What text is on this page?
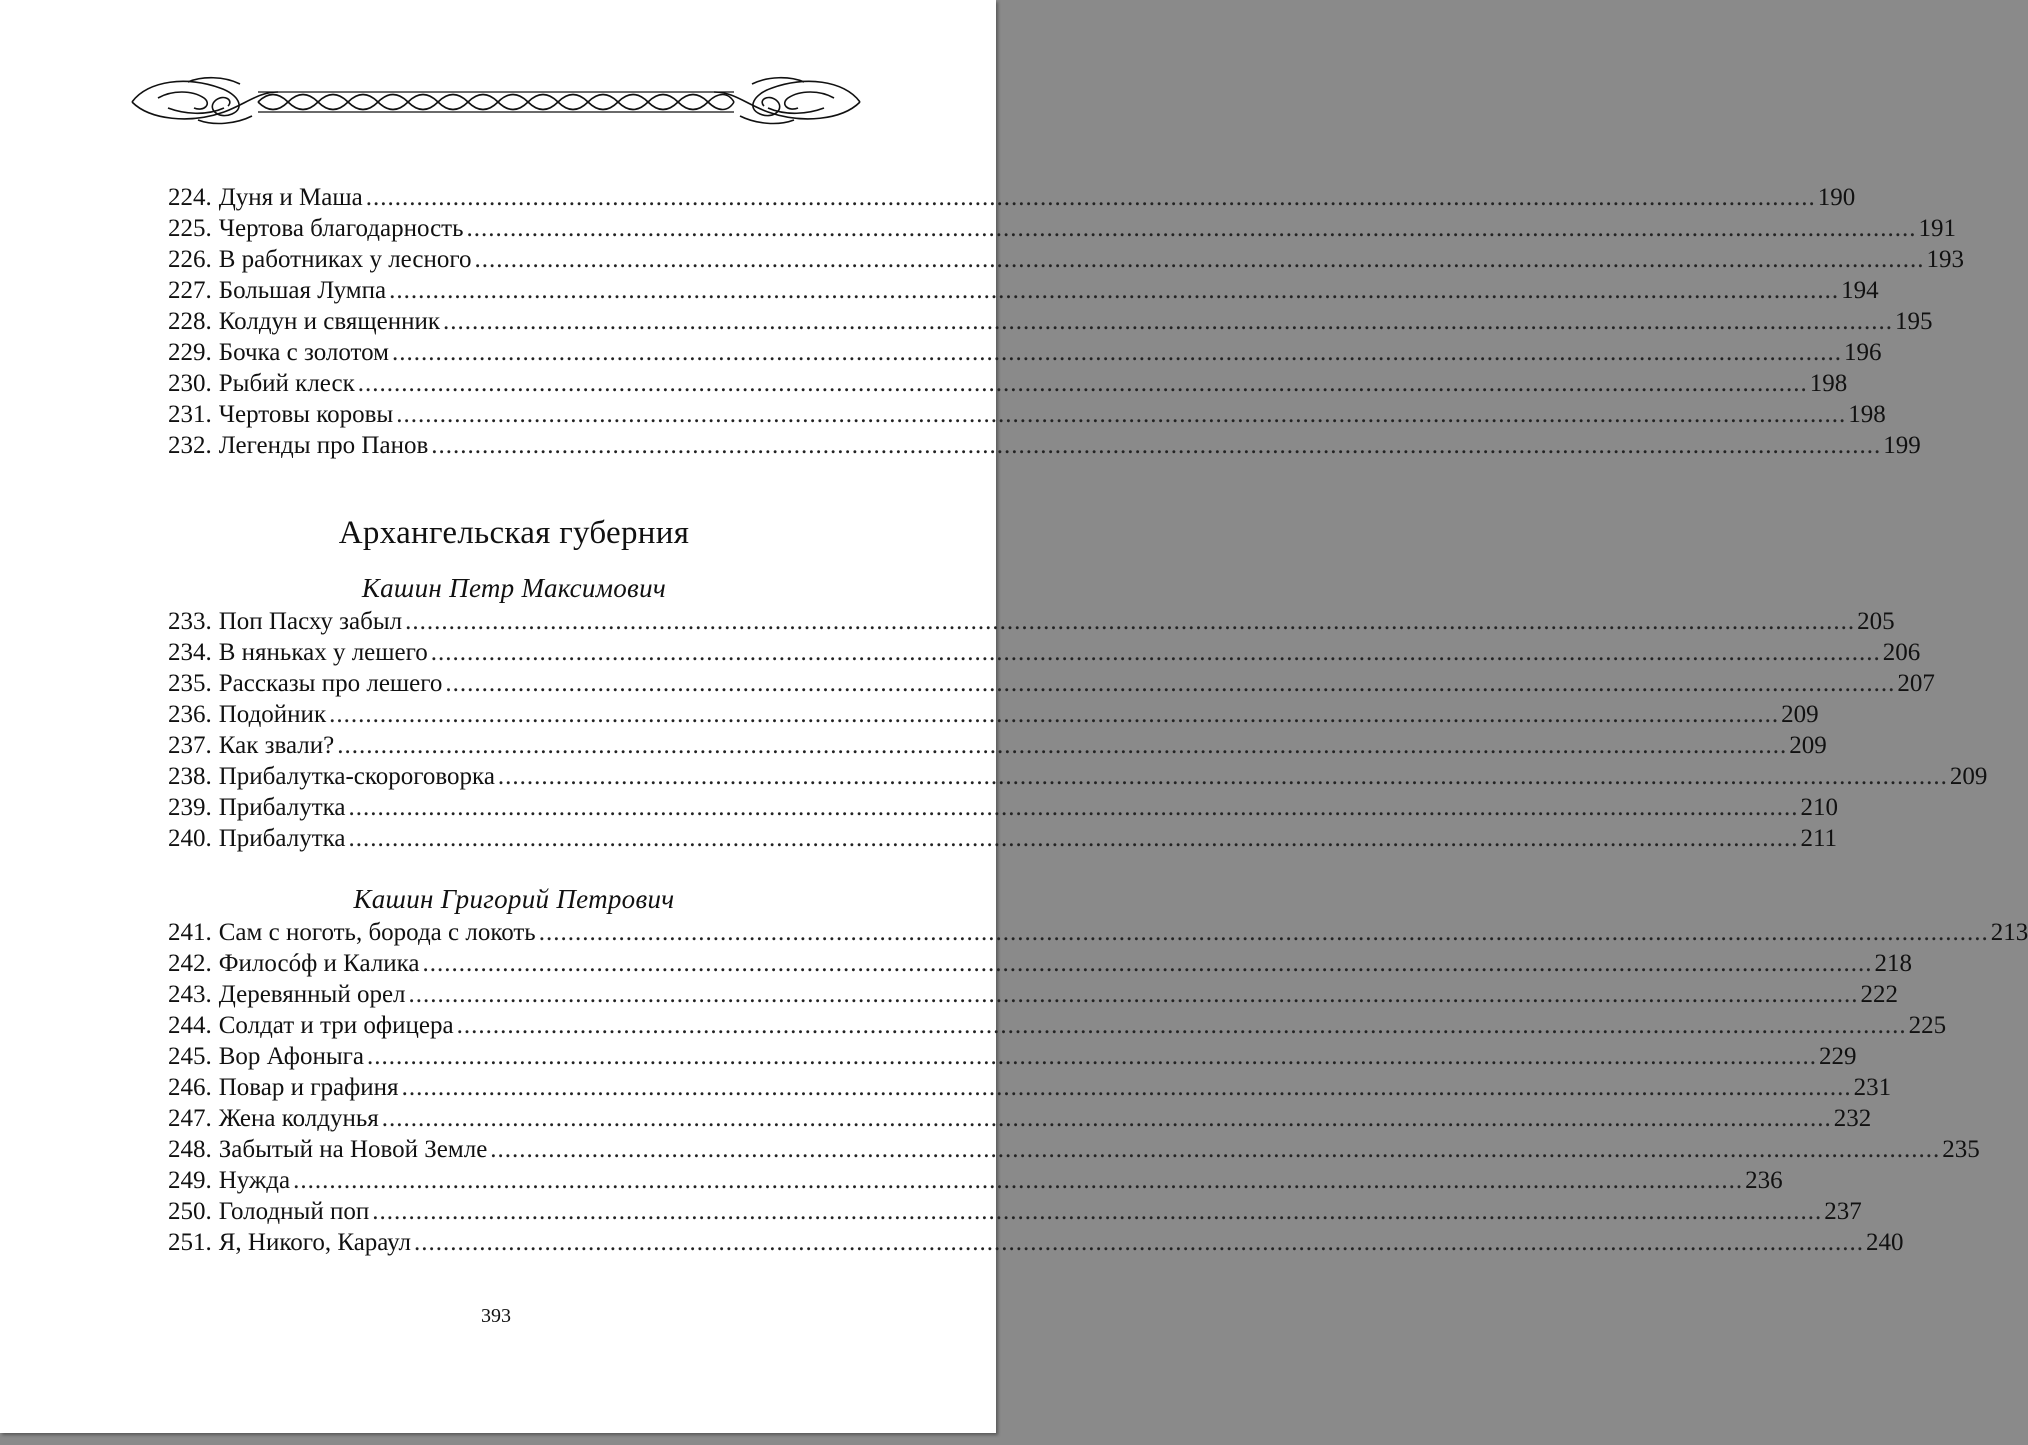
224. Дуня и Маша ........................................................................................................................................................................................................ 190
225. Чертова благодарность ........................................................................................................................................................................................................ 191
226. В работниках у лесного ........................................................................................................................................................................................................ 193
227. Большая Лумпа ........................................................................................................................................................................................................ 194
228. Колдун и священник ........................................................................................................................................................................................................ 195
229. Бочка с золотом ........................................................................................................................................................................................................ 196
230. Рыбий клеск ........................................................................................................................................................................................................ 198
231. Чертовы коровы ........................................................................................................................................................................................................ 198
232. Легенды про Панов ........................................................................................................................................................................................................ 199
Архангельская губерния
Кашин Петр Максимович
233. Поп Пасху забыл ........................................................................................................................................................................................................ 205
234. В няньках у лешего ........................................................................................................................................................................................................ 206
235. Рассказы про лешего ........................................................................................................................................................................................................ 207
236. Подойник ........................................................................................................................................................................................................ 209
237. Как звали? ........................................................................................................................................................................................................ 209
238. Прибалутка-скороговорка ........................................................................................................................................................................................................ 209
239. Прибалутка ........................................................................................................................................................................................................ 210
240. Прибалутка ........................................................................................................................................................................................................ 211
Кашин Григорий Петрович
241. Сам с ноготь, борода с локоть ........................................................................................................................................................................................................ 213
242. Филосóф и Калика ........................................................................................................................................................................................................ 218
243. Деревянный орел ........................................................................................................................................................................................................ 222
244. Солдат и три офицера ........................................................................................................................................................................................................ 225
245. Вор Афоныга ........................................................................................................................................................................................................ 229
246. Повар и графиня ........................................................................................................................................................................................................ 231
247. Жена колдунья ........................................................................................................................................................................................................ 232
248. Забытый на Новой Земле ........................................................................................................................................................................................................ 235
249. Нужда ........................................................................................................................................................................................................ 236
250. Голодный поп ........................................................................................................................................................................................................ 237
251. Я, Никого, Караул ........................................................................................................................................................................................................ 240
393
